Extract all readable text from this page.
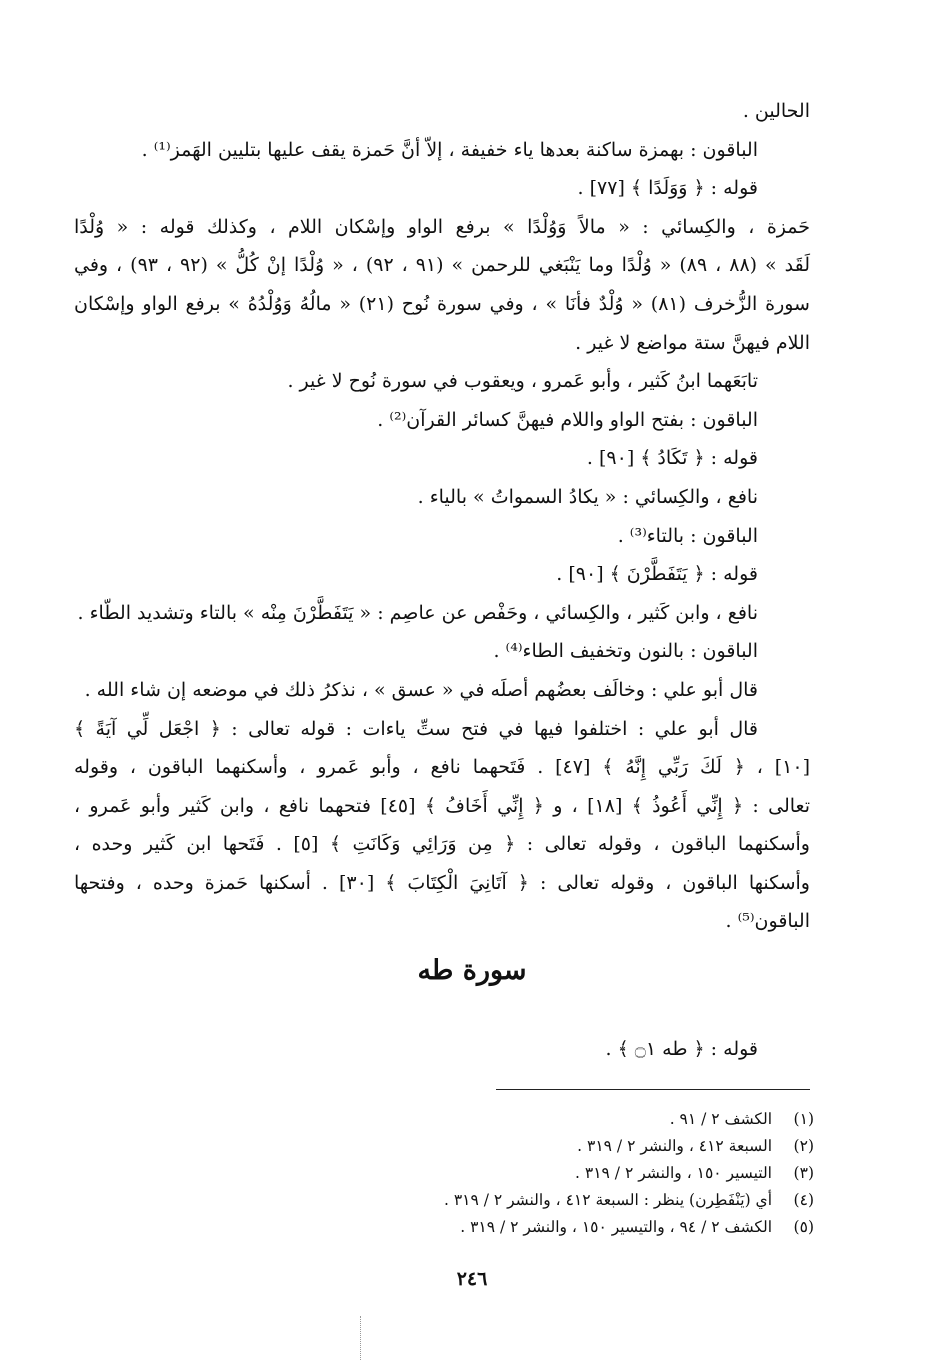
الحالين .

الباقون : بهمزة ساكنة بعدها ياء خفيفة ، إلاّ أنَّ حَمزة يقف عليها بتليين الهَمز⁽¹⁾ .

قوله : ﴿ وَوَلَدًا ﴾ [٧٧] .

حَمزة ، والكِسائي : « مالاً وَوُلْدًا » برفع الواو وإسْكان اللام ، وكذلك قوله : « وُلْدًا

لَقَد » (٨٨ ، ٨٩) « وُلْدًا وما يَنْبَغي للرحمن » (٩١ ، ٩٢) ، « وُلْدًا إنْ كُلُّ » (٩٢ ، ٩٣) ، وفي

سورة الزُّخرف (٨١) « وُلْدٌ فأنَا » ، وفي سورة نُوح (٢١) « مالُهُ وَوُلْدُهُ » برفع الواو وإسْكان

اللام فيهنَّ ستة مواضع لا غير .

تابَعَهما ابنُ كَثير ، وأبو عَمرو ، ويعقوب في سورة نُوح لا غير .

الباقون : بفتح الواو واللام فيهنَّ كسائر القرآن⁽²⁾ .

قوله : ﴿ تَكَادُ ﴾ [٩٠] .

نافع ، والكِسائي : « يكادُ السمواتُ » بالياء .

الباقون : بالتاء⁽³⁾ .

قوله : ﴿ يَتَفَطَّرْنَ ﴾ [٩٠] .

نافع ، وابن كَثير ، والكِسائي ، وحَفْص عن عاصِم : « يَتَفَطَّرْنَ مِنْه » بالتاء وتشديد الطّاء .

الباقون : بالنون وتخفيف الطاء⁽⁴⁾ .

قال أبو علي : وخالَف بعضُهم أصلَه في « عسق » ، نذكرُ ذلك في موضعه إن شاء الله .

قال أبو علي : اختلفوا فيها في فتح ستِّ ياءات : قوله تعالى : ﴿ اجْعَل لِّي آيَةً ﴾

[١٠] ، ﴿ لَكَ رَبِّي إِنَّهُ ﴾ [٤٧] . فَتَحهما نافع ، وأبو عَمرو ، وأسكنهما الباقون ، وقوله

تعالى : ﴿ إِنِّي أَعُوذُ ﴾ [١٨] ، و ﴿ إِنِّي أَخَافُ ﴾ [٤٥] فتحهما نافع ، وابن كَثير وأبو عَمرو ،

وأسكنهما الباقون ، وقوله تعالى : ﴿ مِن وَرَائِي وَكَانَتِ ﴾ [٥] . فَتَحها ابن كَثير وحده ،

وأسكنها الباقون ، وقوله تعالى : ﴿ آتَانِيَ الْكِتَابَ ﴾ [٣٠] . أسكنها حَمزة وحده ، وفتحها

الباقون⁽⁵⁾ .

سورة طه
قوله : ﴿ طه ۝١ ﴾ .
(١)
الكشف ٢ / ٩١ .
(٢)
السبعة ٤١٢ ، والنشر ٢ / ٣١٩ .
(٣)
التيسير ١٥٠ ، والنشر ٢ / ٣١٩ .
(٤)
أي (يَنْفَطِرن) ينظر : السبعة ٤١٢ ، والنشر ٢ / ٣١٩ .
(٥)
الكشف ٢ / ٩٤ ، والتيسير ١٥٠ ، والنشر ٢ / ٣١٩ .
٢٤٦
